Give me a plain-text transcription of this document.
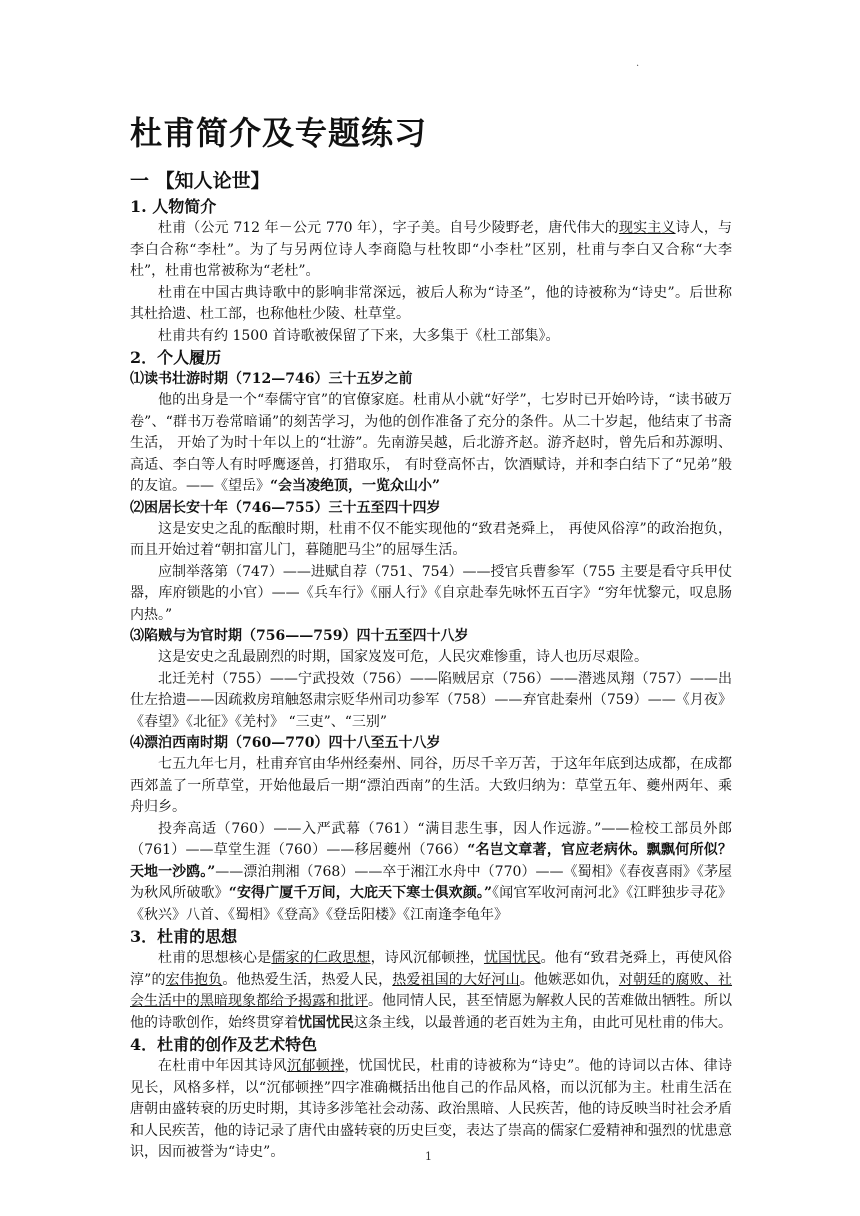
.
杜甫简介及专题练习
一 【知人论世】
1. 人物简介

杜甫（公元 712 年－公元 770 年），字子美。自号少陵野老，唐代伟大的现实主义诗人，与李白合称“李杜”。为了与另两位诗人李商隐与杜牧即“小李杜”区别，杜甫与李白又合称“大李杜”，杜甫也常被称为“老杜”。

杜甫在中国古典诗歌中的影响非常深远，被后人称为“诗圣”，他的诗被称为“诗史”。后世称其杜拾遗、杜工部，也称他杜少陵、杜草堂。

杜甫共有约 1500 首诗歌被保留了下来，大多集于《杜工部集》。

2．个人履历
⑴读书壮游时期（712—746）三十五岁之前

他的出身是一个“奉儒守官”的官僚家庭。杜甫从小就“好学”，七岁时已开始吟诗，“读书破万卷”、“群书万卷常暗诵”的刻苦学习，为他的创作准备了充分的条件。从二十岁起，他结束了书斋生活， 开始了为时十年以上的“壮游”。先南游吴越，后北游齐赵。游齐赵时，曾先后和苏源明、高适、李白等人有时呼鹰逐兽，打猎取乐， 有时登高怀古，饮酒赋诗，并和李白结下了“兄弟”般的友谊。——《望岳》“会当凌绝顶，一览众山小”

⑵困居长安十年（746—755）三十五至四十四岁

这是安史之乱的酝酿时期，杜甫不仅不能实现他的“致君尧舜上， 再使风俗淳”的政治抱负，而且开始过着“朝扣富儿门，暮随肥马尘”的屈辱生活。

应制举落第（747）——进赋自荐（751、754）——授官兵曹参军（755 主要是看守兵甲仗器，库府锁匙的小官）——《兵车行》《丽人行》《自京赴奉先咏怀五百字》“穷年忧黎元，叹息肠内热。”

⑶陷贼与为官时期（756——759）四十五至四十八岁

这是安史之乱最剧烈的时期，国家岌岌可危，人民灾难惨重，诗人也历尽艰险。

北迁羌村（755）——宁武投效（756）——陷贼居京（756）——潜逃凤翔（757）——出仕左拾遗——因疏救房琯触怒肃宗贬华州司功参军（758）——弃官赴秦州（759）——《月夜》《春望》《北征》《羌村》 “三吏”、“三别”

⑷漂泊西南时期（760—770）四十八至五十八岁

七五九年七月，杜甫弃官由华州经秦州、同谷，历尽千辛万苦，于这年年底到达成都，在成都西郊盖了一所草堂，开始他最后一期“漂泊西南”的生活。大致归纳为：草堂五年、夔州两年、乘舟归乡。

投奔高适（760）——入严武幕（761）“满目悲生事，因人作远游。”——检校工部员外郎（761）——草堂生涯（760）——移居夔州（766）“名岂文章著，官应老病休。飘飘何所似？天地一沙鸥。”——漂泊荆湘（768）——卒于湘江水舟中（770）——《蜀相》《春夜喜雨》《茅屋为秋风所破歌》“安得广厦千万间，大庇天下寒士俱欢颜。”《闻官军收河南河北》《江畔独步寻花》《秋兴》八首、《蜀相》《登高》《登岳阳楼》《江南逢李龟年》

3．杜甫的思想

杜甫的思想核心是儒家的仁政思想，诗风沉郁顿挫，忧国忧民。他有“致君尧舜上，再使风俗淳”的宏伟抱负。他热爱生活，热爱人民，热爱祖国的大好河山。他嫉恶如仇，对朝廷的腐败、社会生活中的黑暗现象都给予揭露和批评。他同情人民，甚至情愿为解救人民的苦难做出牺牲。所以他的诗歌创作，始终贯穿着忧国忧民这条主线，以最普通的老百姓为主角，由此可见杜甫的伟大。

4．杜甫的创作及艺术特色

在杜甫中年因其诗风沉郁顿挫，忧国忧民，杜甫的诗被称为“诗史”。他的诗词以古体、律诗见长，风格多样，以“沉郁顿挫”四字准确概括出他自己的作品风格，而以沉郁为主。杜甫生活在唐朝由盛转衰的历史时期，其诗多涉笔社会动荡、政治黑暗、人民疾苦，他的诗反映当时社会矛盾和人民疾苦，他的诗记录了唐代由盛转衰的历史巨变，表达了崇高的儒家仁爱精神和强烈的忧患意识，因而被誉为“诗史”。	1
